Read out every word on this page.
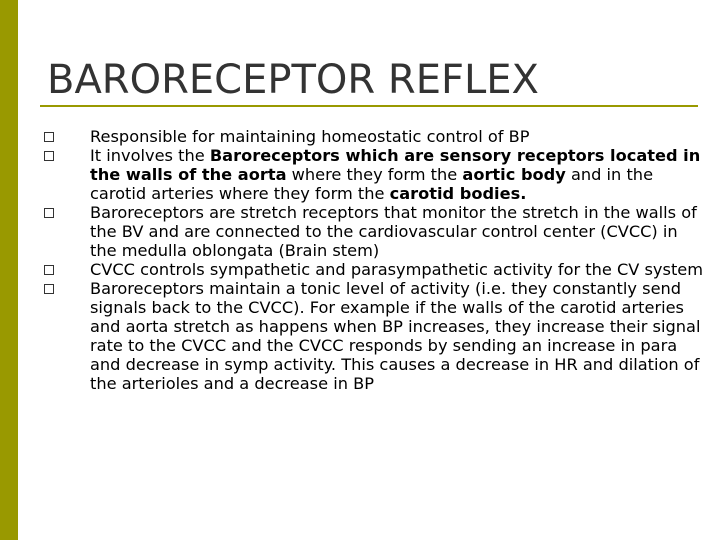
BARORECEPTOR REFLEX
Responsible for maintaining homeostatic control of BP
It involves the Baroreceptors which are sensory receptors located in the walls of the aorta where they form the aortic body and in the carotid arteries where they form the carotid bodies.
Baroreceptors are stretch receptors that monitor the stretch in the walls of the BV and are connected to the cardiovascular control center (CVCC) in the medulla oblongata (Brain stem)
CVCC controls sympathetic and parasympathetic activity for the CV system
Baroreceptors maintain a tonic level of activity (i.e. they constantly send signals back to the CVCC). For example if the walls of the carotid arteries and aorta stretch as happens when BP increases, they increase their signal rate to the CVCC and the CVCC responds by sending an increase in para and decrease in symp activity. This causes a decrease in HR and dilation of the arterioles and a decrease in BP
